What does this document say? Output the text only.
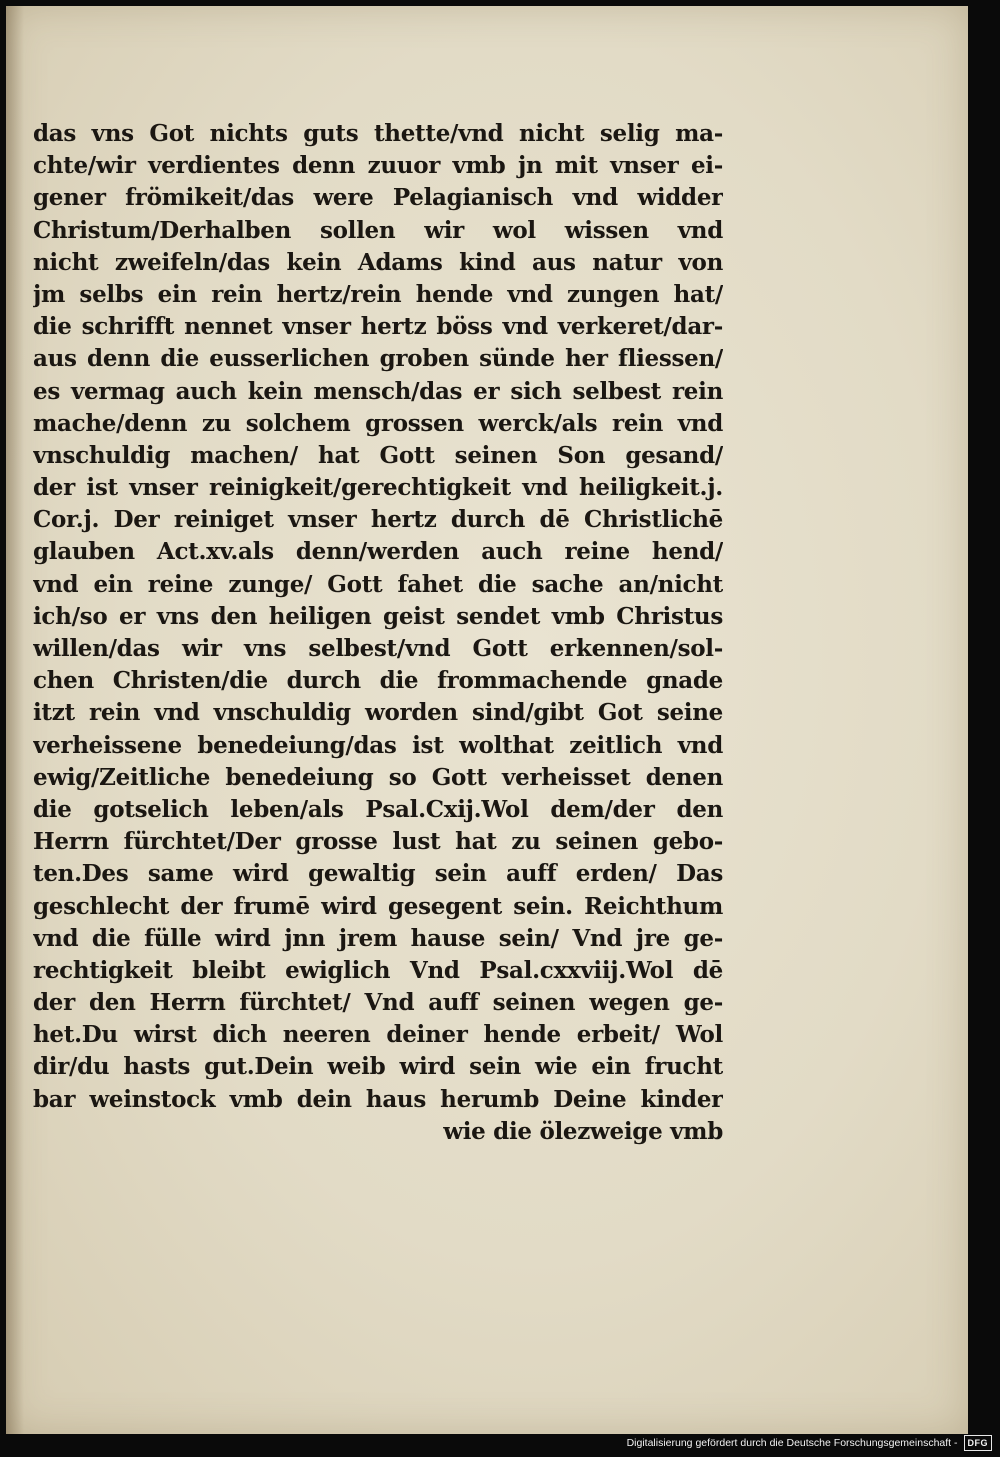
das vns Got nichts guts thette/vnd nicht selig ma-
chte/wir verdientes denn zuuor vmb jn mit vnser ei-
gener frömikeit/das were Pelagianisch vnd widder
Christum/Derhalben sollen wir wol wissen vnd
nicht zweifeln/das kein Adams kind aus natur von
jm selbs ein rein hertz/rein hende vnd zungen hat/
die schrifft nennet vnser hertz böss vnd verkeret/dar-
aus denn die eusserlichen groben sünde her fliessen/
es vermag auch kein mensch/das er sich selbest rein
mache/denn zu solchem grossen werck/als rein vnd
vnschuldig machen/ hat Gott seinen Son gesand/
der ist vnser reinigkeit/gerechtigkeit vnd heiligkeit.j.
Cor.j. Der reiniget vnser hertz durch dē Christlichē
glauben Act.xv.als denn/werden auch reine hend/
vnd ein reine zunge/ Gott fahet die sache an/nicht
ich/so er vns den heiligen geist sendet vmb Christus
willen/das wir vns selbest/vnd Gott erkennen/sol-
chen Christen/die durch die frommachende gnade
itzt rein vnd vnschuldig worden sind/gibt Got seine
verheissene benedeiung/das ist wolthat zeitlich vnd
ewig/Zeitliche benedeiung so Gott verheisset denen
die gotselich leben/als Psal.Cxij.Wol dem/der den
Herrn fürchtet/Der grosse lust hat zu seinen gebo-
ten.Des same wird gewaltig sein auff erden/ Das
geschlecht der frumē wird gesegent sein. Reichthum
vnd die fülle wird jnn jrem hause sein/ Vnd jre ge-
rechtigkeit bleibt ewiglich Vnd Psal.cxxviij.Wol dē
der den Herrn fürchtet/ Vnd auff seinen wegen ge-
het.Du wirst dich neeren deiner hende erbeit/ Wol
dir/du hasts gut.Dein weib wird sein wie ein frucht
bar weinstock vmb dein haus herumb Deine kinder
wie die ölezweige vmb
Digitalisierung gefördert durch die Deutsche Forschungsgemeinschaft -	DFG
